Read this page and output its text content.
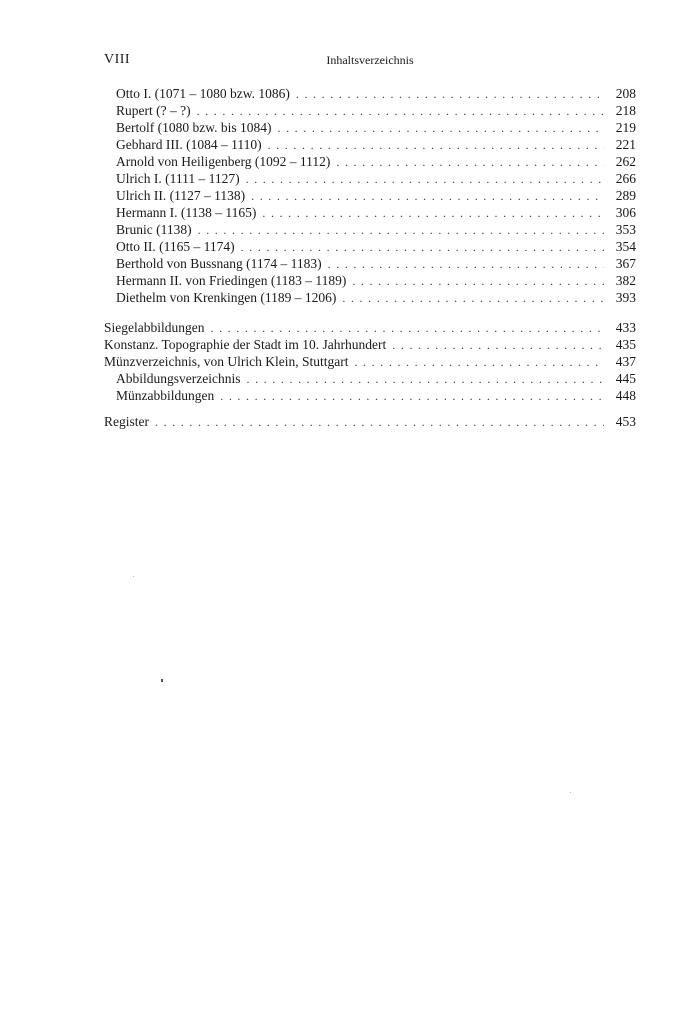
VIII	Inhaltsverzeichnis
Otto I. (1071 – 1080 bzw. 1086) . . .	208
Rupert (? – ?) . . .	218
Bertolf (1080 bzw. bis 1084) . . .	219
Gebhard III. (1084 – 1110) . . .	221
Arnold von Heiligenberg (1092 – 1112) . . .	262
Ulrich I. (1111 – 1127) . . .	266
Ulrich II. (1127 – 1138) . . .	289
Hermann I. (1138 – 1165) . . .	306
Brunic (1138) . . .	353
Otto II. (1165 – 1174) . . .	354
Berthold von Bussnang (1174 – 1183) . . .	367
Hermann II. von Friedingen (1183 – 1189) . . .	382
Diethelm von Krenkingen (1189 – 1206) . . .	393
Siegelabbildungen . . .	433
Konstanz. Topographie der Stadt im 10. Jahrhundert . . .	435
Münzverzeichnis, von Ulrich Klein, Stuttgart . . .	437
Abbildungsverzeichnis . . .	445
Münzabbildungen . . .	448
Register . . .	453
